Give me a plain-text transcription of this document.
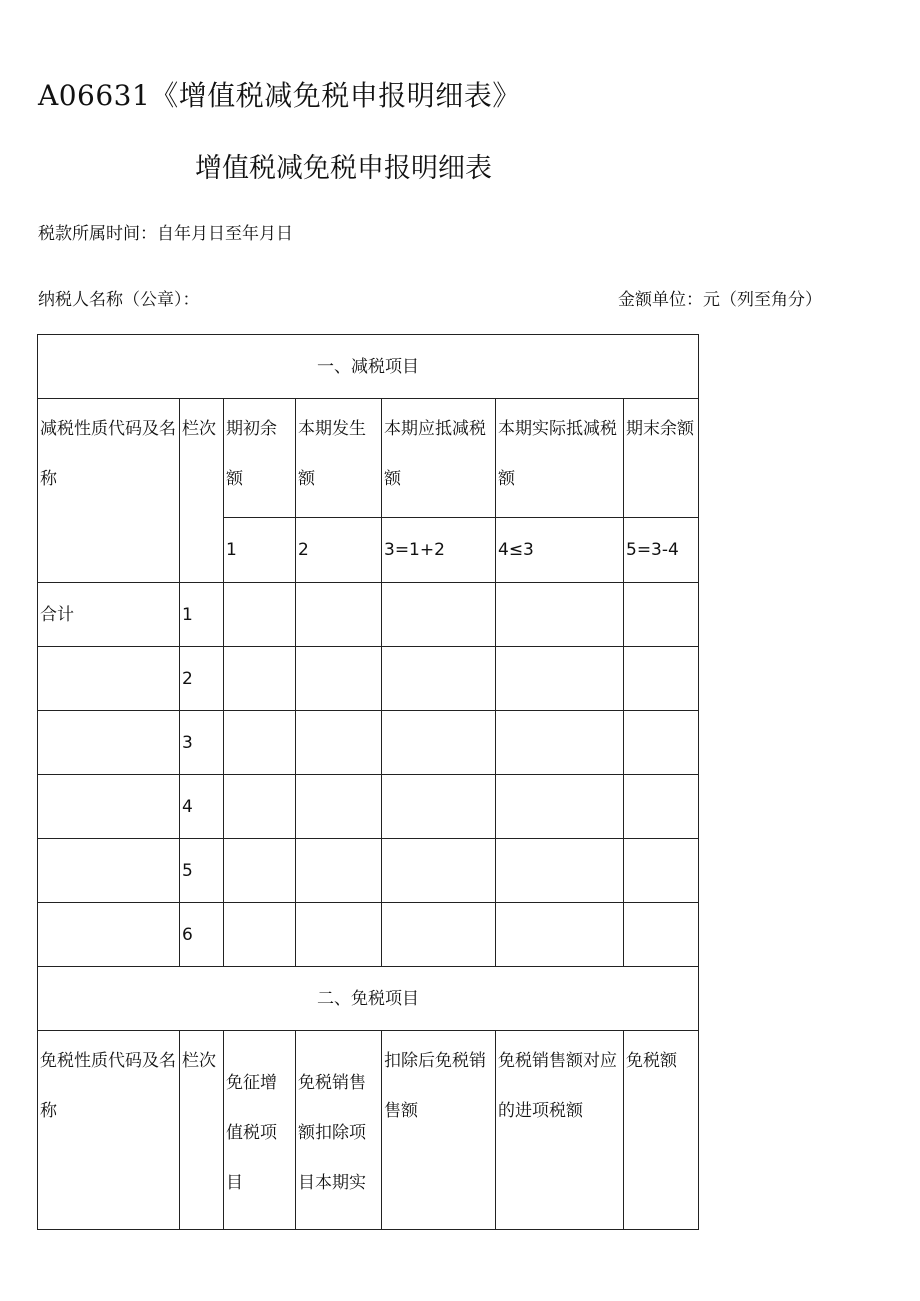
A06631《增值税减免税申报明细表》
增值税减免税申报明细表
税款所属时间：自年月日至年月日
纳税人名称（公章）：	金额单位：元（列至角分）
一、减税项目						
减税性质代码及名称	栏次	期初余额	本期发生额	本期应抵减税额	本期实际抵减税额	期末余额
		1	2	3=1+2	4≤3	5=3-4
合计	1					
	2					
	3					
	4					
	5					
	6					
二、免税项目						
免税性质代码及名称	栏次	免征增值税项目	免税销售额扣除项目本期实	扣除后免税销售额	免税销售额对应的进项税额	免税额
